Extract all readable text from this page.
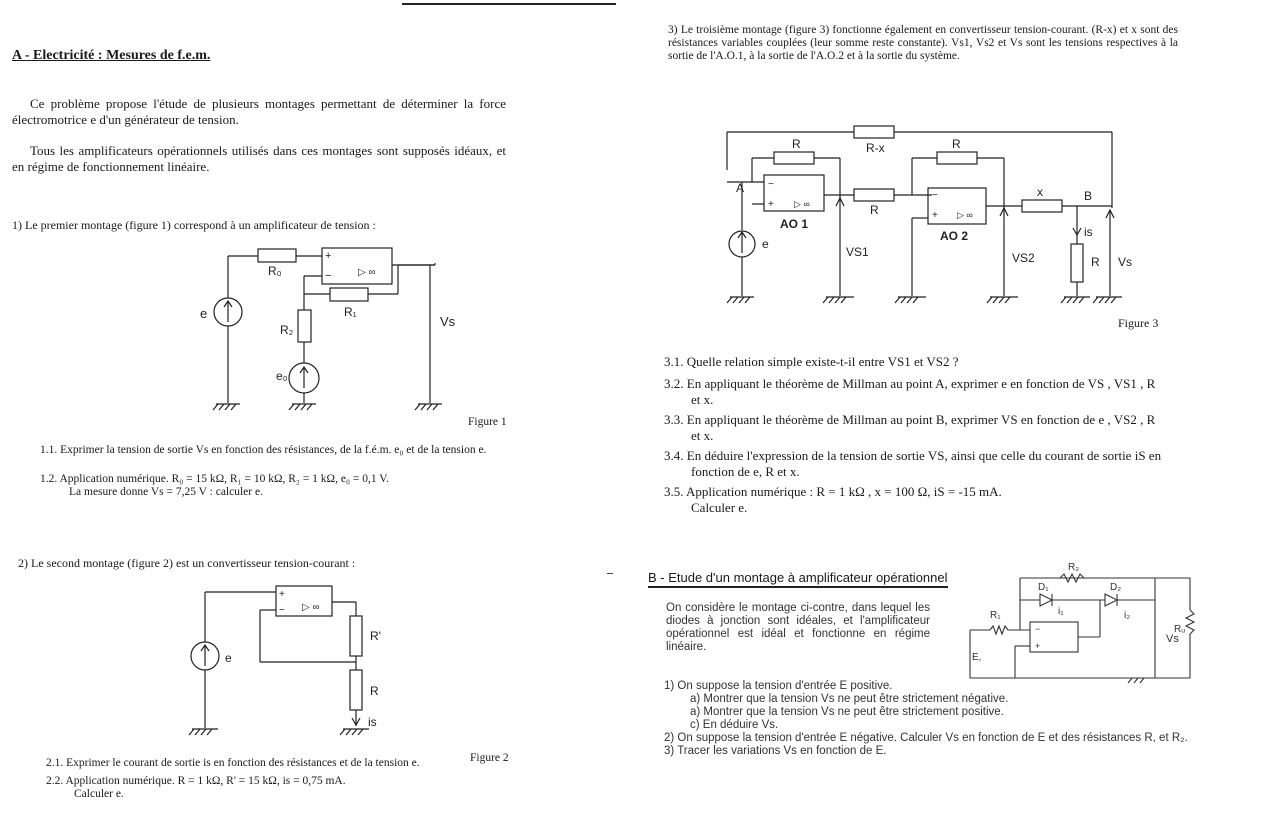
A - Electricité : Mesures de f.e.m.
Ce problème propose l'étude de plusieurs montages permettant de déterminer la force électromotrice e d'un générateur de tension.
Tous les amplificateurs opérationnels utilisés dans ces montages sont supposés idéaux, et en régime de fonctionnement linéaire.
1) Le premier montage (figure 1) correspond à un amplificateur de tension :
+
−	▷ ∞
R₀
R₁
R₂
e
e₀
Vs
Figure 1
1.1. Exprimer la tension de sortie Vs en fonction des résistances, de la f.é.m. e₀ et de la tension e.
1.2. Application numérique. R₀ = 15 kΩ, R₁ = 10 kΩ, R₂ = 1 kΩ, e₀ = 0,1 V.
La mesure donne Vs = 7,25 V : calculer e.
2) Le second montage (figure 2) est un convertisseur tension-courant :
+
− ▷ ∞
e
R'
R
is
Figure 2
2.1. Exprimer le courant de sortie is en fonction des résistances et de la tension e.
2.2. Application numérique. R = 1 kΩ, R' = 15 kΩ, is = 0,75 mA.
Calculer e.
3) Le troisième montage (figure 3) fonctionne également en convertisseur tension-courant. (R-x) et x sont des résistances variables couplées (leur somme reste constante). Vs1, Vs2 et Vs sont les tensions respectives à la sortie de l'A.O.1, à la sortie de l'A.O.2 et à la sortie du système.
R	R-x	R
R
x
A
B
AO 1
AO 2
−
+ ▷ ∞
−
+ ▷ ∞
e
VS1	VS2
is
R Vs
Figure 3
3.1. Quelle relation simple existe-t-il entre VS1 et VS2 ?
3.2. En appliquant le théorème de Millman au point A, exprimer e en fonction de VS , VS1 , R et x.
3.3. En appliquant le théorème de Millman au point B, exprimer VS en fonction de e , VS2 , R et x.
3.4. En déduire l'expression de la tension de sortie VS, ainsi que celle du courant de sortie iS en fonction de e, R et x.
3.5. Application numérique : R = 1 kΩ , x = 100 Ω, iS = -15 mA.
Calculer e.
B - Etude d'un montage à amplificateur opérationnel
On considère le montage ci-contre, dans lequel les diodes à jonction sont idéales, et l'amplificateur opérationnel est idéal et fonctionne en régime linéaire.
R₂
D₁	D₂
i₁	i₂
R₁
E,
Vs
Rᵤ
−
+
1) On suppose la tension d'entrée E positive.
a) Montrer que la tension Vs ne peut être strictement négative.
a) Montrer que la tension Vs ne peut être strictement positive.
c) En déduire Vs.
2) On suppose la tension d'entrée E négative. Calculer Vs en fonction de E et des résistances R, et R₂.
3) Tracer les variations Vs en fonction de E.
